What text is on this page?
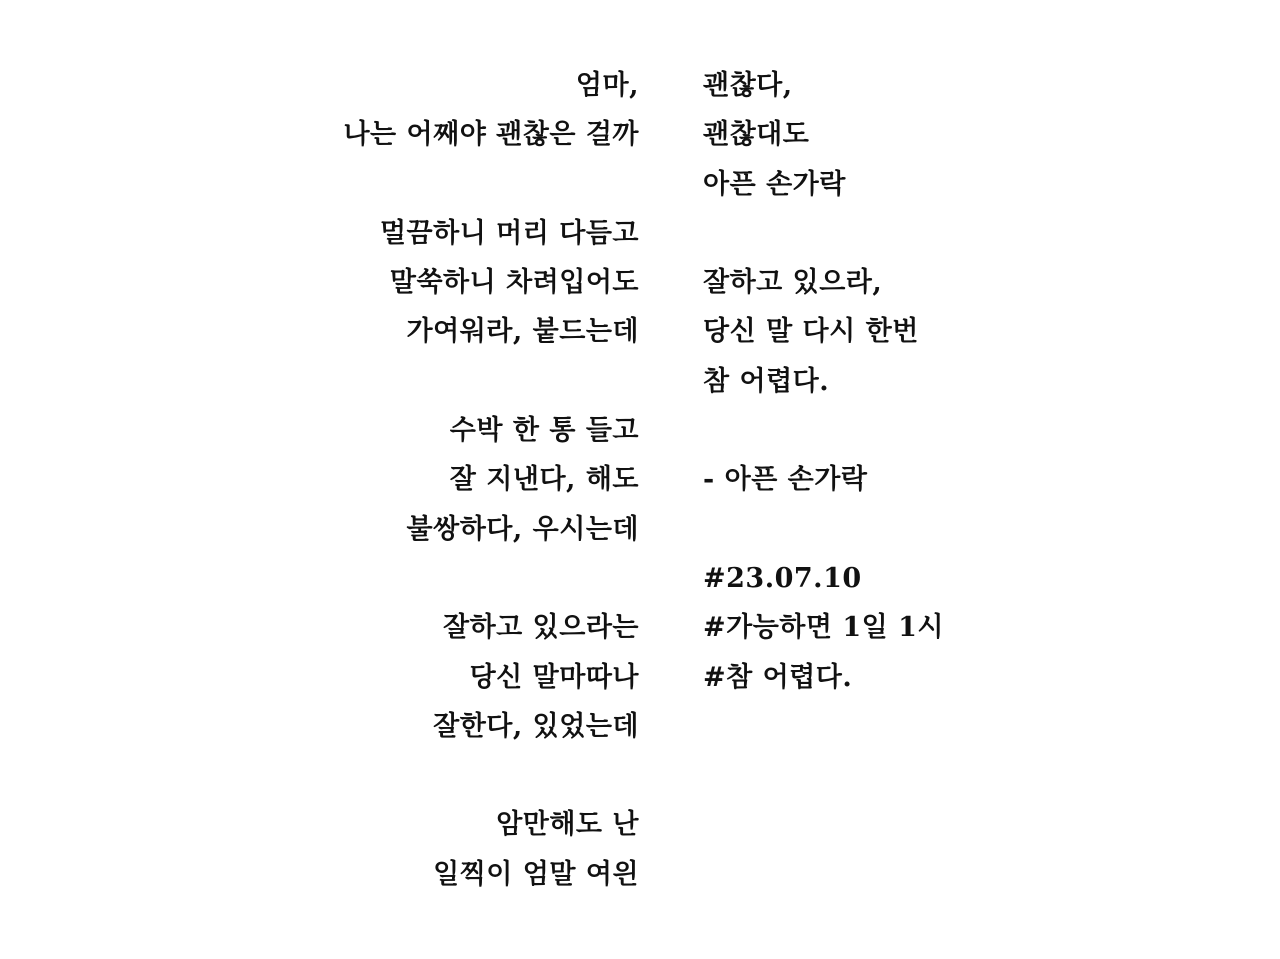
엄마,
나는 어째야 괜찮은 걸까
멀끔하니 머리 다듬고
말쑥하니 차려입어도
가여워라, 붙드는데
수박 한 통 들고
잘 지낸다, 해도
불쌍하다, 우시는데
잘하고 있으라는
당신 말마따나
잘한다, 있었는데
암만해도 난
일찍이 엄말 여읜
괜찮다,
괜찮대도
아픈 손가락
잘하고 있으라,
당신 말 다시 한번
참 어렵다.
- 아픈 손가락
#23.07.10
#가능하면 1일 1시
#참 어렵다.
